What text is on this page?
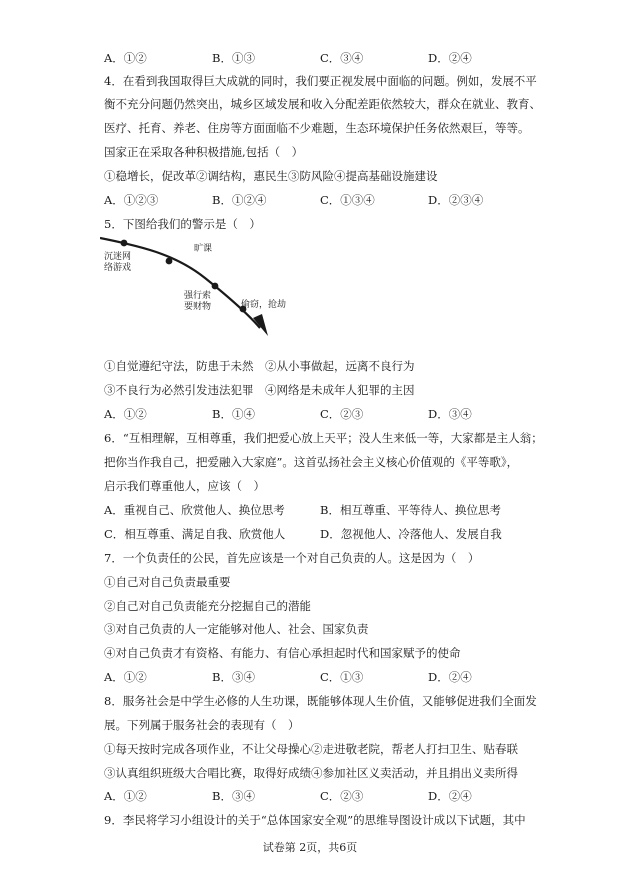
A．①②	B．①③	C．③④	D．②④
4．在看到我国取得巨大成就的同时，我们要正视发展中面临的问题。例如，发展不平
衡不充分问题仍然突出，城乡区域发展和收入分配差距依然较大，群众在就业、教育、
医疗、托育、养老、住房等方面面临不少难题，生态环境保护任务依然艰巨，等等。
国家正在采取各种积极措施,包括（　）
①稳增长，促改革②调结构，惠民生③防风险④提高基础设施建设
A．①②③	B．①②④	C．①③④	D．②③④
5．下图给我们的警示是（　）
沉迷网
络游戏
旷课
强行索
要财物	偷窃，抢劫
①自觉遵纪守法，防患于未然　②从小事做起，远离不良行为
③不良行为必然引发违法犯罪　④网络是未成年人犯罪的主因
A．①②	B．①④	C．②③	D．③④
6．“互相理解，互相尊重，我们把爱心放上天平；没人生来低一等，大家都是主人翁；
把你当作我自己，把爱融入大家庭”。这首弘扬社会主义核心价值观的《平等歌》，
启示我们尊重他人，应该（　）
A．重视自己、欣赏他人、换位思考	B．相互尊重、平等待人、换位思考
C．相互尊重、满足自我、欣赏他人	D．忽视他人、冷落他人、发展自我
7．一个负责任的公民，首先应该是一个对自己负责的人。这是因为（　）
①自己对自己负责最重要
②自己对自己负责能充分挖掘自己的潜能
③对自己负责的人一定能够对他人、社会、国家负责
④对自己负责才有资格、有能力、有信心承担起时代和国家赋予的使命
A．①②	B．③④	C．①③	D．②④
8．服务社会是中学生必修的人生功课，既能够体现人生价值，又能够促进我们全面发
展。下列属于服务社会的表现有（　）
①每天按时完成各项作业，不让父母操心②走进敬老院，帮老人打扫卫生、贴春联
③认真组织班级大合唱比赛，取得好成绩④参加社区义卖活动，并且捐出义卖所得
A．①②	B．③④	C．②③	D．②④
9．李民将学习小组设计的关于“总体国家安全观”的思维导图设计成以下试题，其中
试卷第 2页，共6页
